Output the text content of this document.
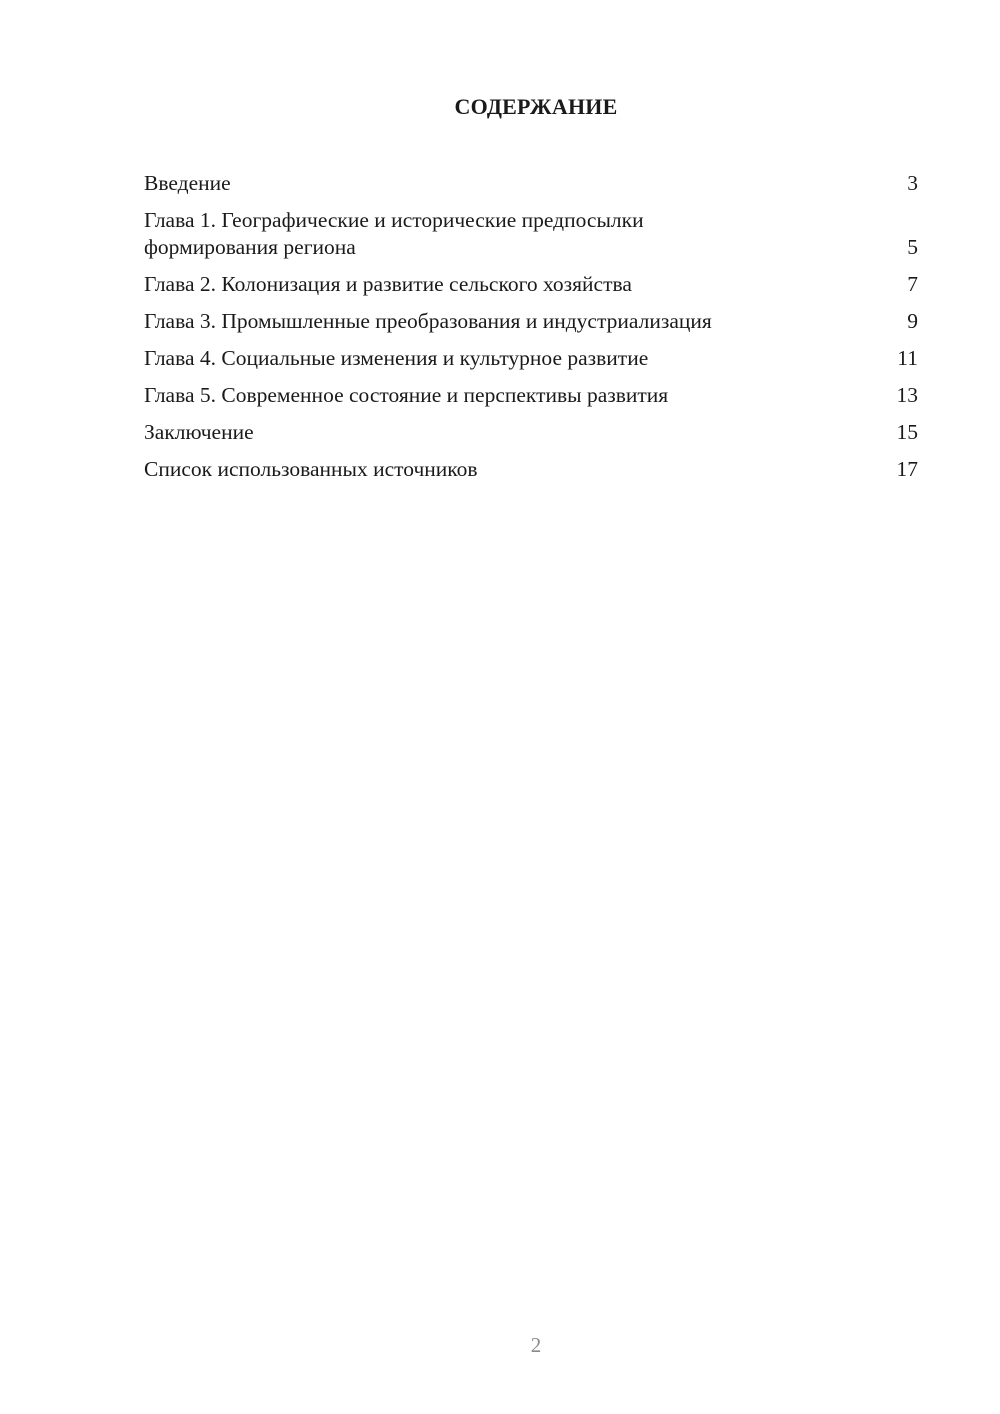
СОДЕРЖАНИЕ
Введение	3
Глава 1. Географические и исторические предпосылки формирования региона	5
Глава 2. Колонизация и развитие сельского хозяйства	7
Глава 3. Промышленные преобразования и индустриализация	9
Глава 4. Социальные изменения и культурное развитие	11
Глава 5. Современное состояние и перспективы развития	13
Заключение	15
Список использованных источников	17
2
